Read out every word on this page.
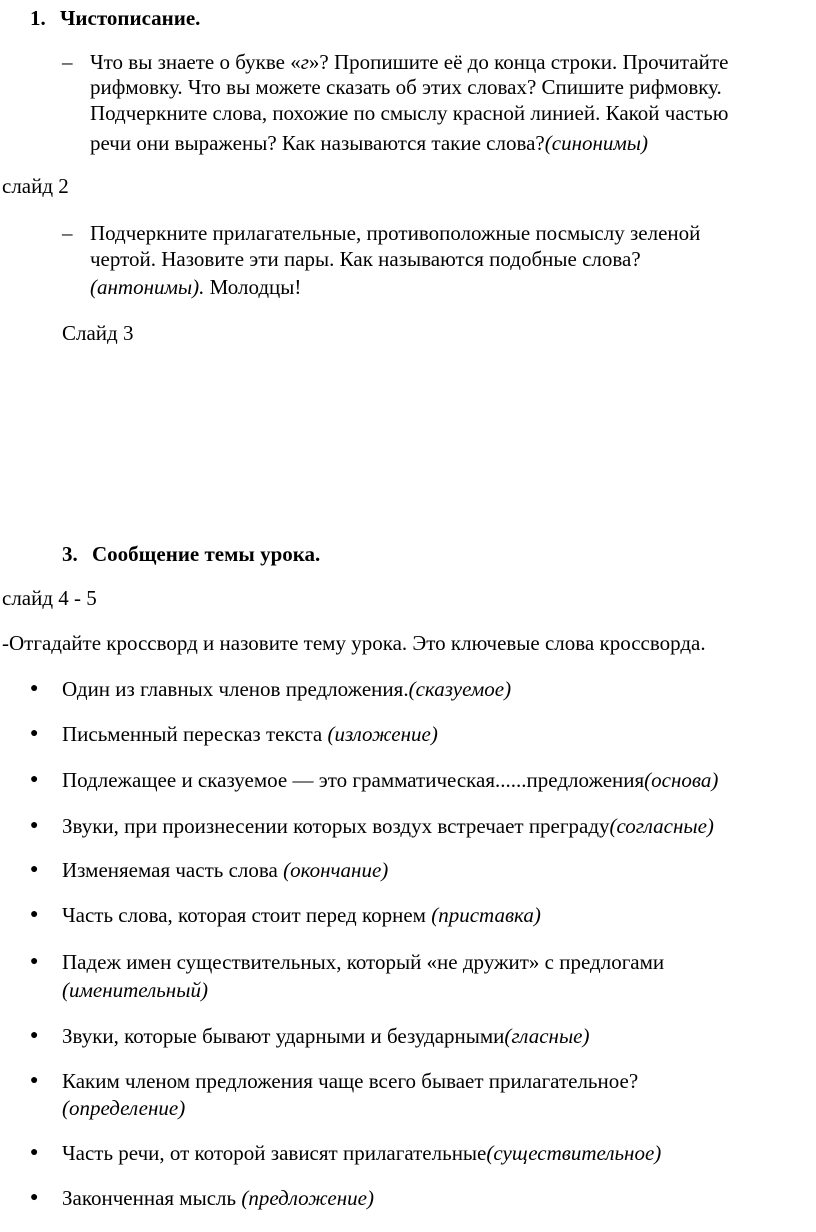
1. Чистописание.
– Что вы знаете о букве «г»? Пропишите её до конца строки. Прочитайте
рифмовку. Что вы можете сказать об этих словах? Спишите рифмовку.
Подчеркните слова, похожие по смыслу красной линией. Какой частью
речи они выражены? Как называются такие слова?(синонимы)
слайд 2
– Подчеркните прилагательные, противоположные посмыслу зеленой
чертой. Назовите эти пары. Как называются подобные слова?
(антонимы). Молодцы!
Слайд 3
3. Сообщение темы урока.
слайд 4 - 5
-Отгадайте кроссворд и назовите тему урока. Это ключевые слова кроссворда.
● Один из главных членов предложения.(сказуемое)
● Письменный пересказ текста (изложение)
● Подлежащее и сказуемое — это грамматическая......предложения(основа)
● Звуки, при произнесении которых воздух встречает преграду(согласные)
● Изменяемая часть слова (окончание)
● Часть слова, которая стоит перед корнем (приставка)
● Падеж имен существительных, который «не дружит» с предлогами
(именительный)
● Звуки, которые бывают ударными и безударными(гласные)
● Каким членом предложения чаще всего бывает прилагательное?
(определение)
● Часть речи, от которой зависят прилагательные(существительное)
● Законченная мысль (предложение)
